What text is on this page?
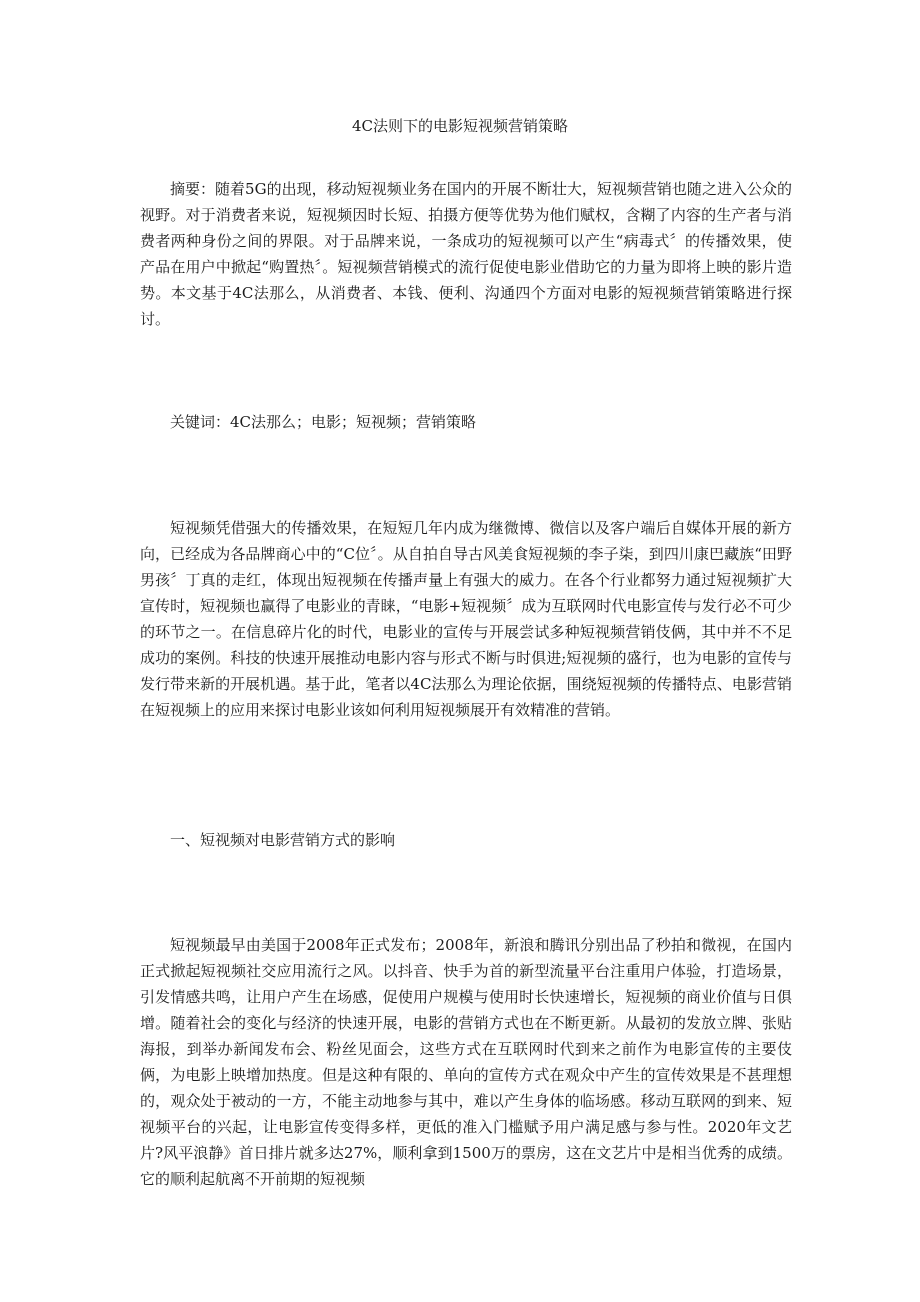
4C法则下的电影短视频营销策略

摘要：随着5G的出现，移动短视频业务在国内的开展不断壮大，短视频营销也随之进入公众的视野。对于消费者来说，短视频因时长短、拍摄方便等优势为他们赋权，含糊了内容的生产者与消费者两种身份之间的界限。对于品牌来说，一条成功的短视频可以产生“病毒式〞的传播效果，使产品在用户中掀起“购置热〞。短视频营销模式的流行促使电影业借助它的力量为即将上映的影片造势。本文基于4C法那么，从消费者、本钱、便利、沟通四个方面对电影的短视频营销策略进行探讨。

关键词：4C法那么；电影；短视频；营销策略

短视频凭借强大的传播效果，在短短几年内成为继微博、微信以及客户端后自媒体开展的新方向，已经成为各品牌商心中的“C位〞。从自拍自导古风美食短视频的李子柒，到四川康巴藏族“田野男孩〞丁真的走红，体现出短视频在传播声量上有强大的威力。在各个行业都努力通过短视频扩大宣传时，短视频也赢得了电影业的青睐，“电影+短视频〞成为互联网时代电影宣传与发行必不可少的环节之一。在信息碎片化的时代，电影业的宣传与开展尝试多种短视频营销伎俩，其中并不不足成功的案例。科技的快速开展推动电影内容与形式不断与时俱进;短视频的盛行，也为电影的宣传与发行带来新的开展机遇。基于此，笔者以4C法那么为理论依据，围绕短视频的传播特点、电影营销在短视频上的应用来探讨电影业该如何利用短视频展开有效精准的营销。

一、短视频对电影营销方式的影响

短视频最早由美国于2008年正式发布；2008年，新浪和腾讯分别出品了秒拍和微视，在国内正式掀起短视频社交应用流行之风。以抖音、快手为首的新型流量平台注重用户体验，打造场景，引发情感共鸣，让用户产生在场感，促使用户规模与使用时长快速增长，短视频的商业价值与日俱增。随着社会的变化与经济的快速开展，电影的营销方式也在不断更新。从最初的发放立牌、张贴海报，到举办新闻发布会、粉丝见面会，这些方式在互联网时代到来之前作为电影宣传的主要伎俩，为电影上映增加热度。但是这种有限的、单向的宣传方式在观众中产生的宣传效果是不甚理想的，观众处于被动的一方，不能主动地参与其中，难以产生身体的临场感。移动互联网的到来、短视频平台的兴起，让电影宣传变得多样，更低的准入门槛赋予用户满足感与参与性。2020年文艺片?风平浪静》首日排片就多达27%，顺利拿到1500万的票房，这在文艺片中是相当优秀的成绩。它的顺利起航离不开前期的短视频
